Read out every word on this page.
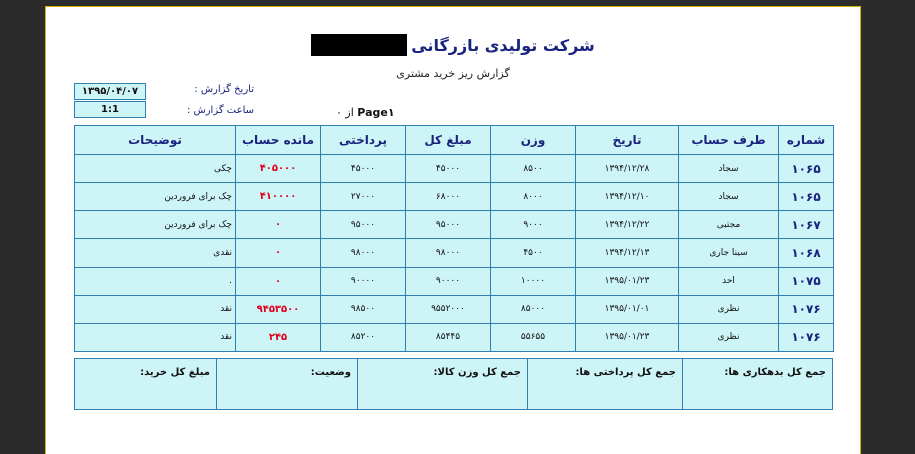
شرکت تولیدی بازرگانی
گزارش ریز خرید مشتری
۱۳۹۵/۰۴/۰۷	تاریخ گزارش :
1:1	ساعت گزارش :	۰ از Page۱
شماره	طرف حساب	تاریخ	وزن	مبلغ کل	پرداختی	مانده حساب	توضیحات
۱۰۶۵	سجاد	۱۳۹۴/۱۲/۲۸	۸۵۰۰	۴۵۰۰۰	۴۵۰۰۰	۴۰۵۰۰۰	چکی
۱۰۶۵	سجاد	۱۳۹۴/۱۲/۱۰	۸۰۰۰	۶۸۰۰۰	۲۷۰۰۰	۴۱۰۰۰۰	چک برای فروردین
۱۰۶۷	مجتبی	۱۳۹۴/۱۲/۲۲	۹۰۰۰	۹۵۰۰۰	۹۵۰۰۰	۰	چک برای فروردین
۱۰۶۸	سینا جاری	۱۳۹۴/۱۲/۱۳	۴۵۰۰	۹۸۰۰۰	۹۸۰۰۰	۰	نقدی
۱۰۷۵	احد	۱۳۹۵/۰۱/۲۳	۱۰۰۰۰	۹۰۰۰۰	۹۰۰۰۰	۰	.
۱۰۷۶	نظری	۱۳۹۵/۰۱/۰۱	۸۵۰۰۰	۹۵۵۲۰۰۰	۹۸۵۰۰	۹۴۵۳۵۰۰	نقد
۱۰۷۶	نظری	۱۳۹۵/۰۱/۲۳	۵۵۶۵۵	۸۵۴۴۵	۸۵۲۰۰	۲۴۵	نقد
جمع کل بدهکاری ها:
جمع کل پرداختی ها:
جمع کل وزن کالا:
وضعیت:
مبلغ کل خرید:
